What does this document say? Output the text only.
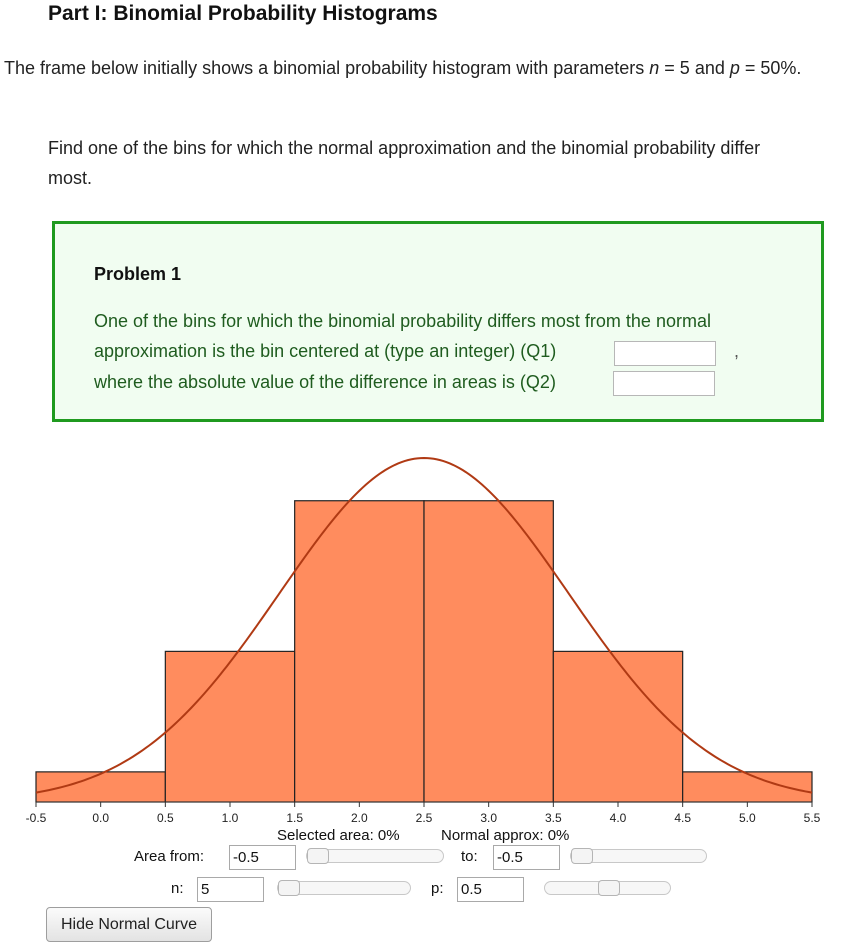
Part I: Binomial Probability Histograms
The frame below initially shows a binomial probability histogram with parameters n = 5 and p = 50%.
Find one of the bins for which the normal approximation and the binomial probability differ most.
Problem 1
One of the bins for which the binomial probability differs most from the normal
approximation is the bin centered at (type an integer) (Q1)
where the absolute value of the difference in areas is (Q2)
,
-0.5	0.0	0.5	1.0	1.5	2.0	2.5	3.0	3.5	4.0	4.5	5.0	5.5
Selected area: 0%	Normal approx: 0%
Area from:
-0.5	to:
-0.5
n:
5	p:
0.5
Hide Normal Curve
